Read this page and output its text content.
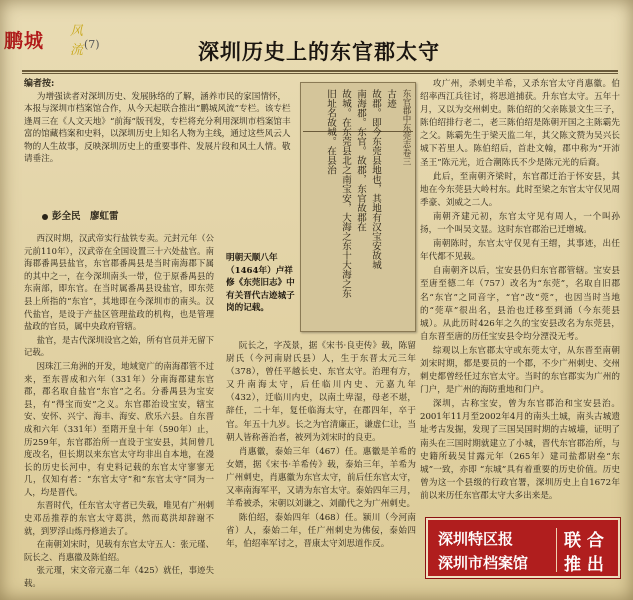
鹏城 风流 (7)	深圳历史上的东官郡太守
编者按:
为增强读者对深圳历史、发展脉络的了解，涵养市民的家国情怀，本报与深圳市档案馆合作，从今天起联合推出“鹏城风流”专栏。该专栏逢周三在《人文天地》“前海”版刊发，专栏将充分利用深圳市档案馆丰富的馆藏档案和史料，以深圳历史上知名人物为主线，通过这些风云人物的人生故事，反映深圳历史上的重要事件、发展片段和风土人情。敬请垂注。
彭全民　廖虹雷

西汉时期，汉武帝实行盐铁专卖。元封元年（公元前110年），汉武帝在全国设置三十六处盐官。南海郡番禺县盐官，东官郡番禺县是当时南海郡下属的其中之一，在今深圳南头一带，位于原番禺县的东南部，即东官。在当时属番禺县设盐官，即东莞县上所指的“东官”，其地即在今深圳市的南头。汉代盐官，是设于产盐区管理盐政的机构，也是管理盐政的官员，属中央政府管辖。

盐官，是古代深圳设官之始，所有官员并无留下记载。

因珠江三角洲的开发，地域宽广的南海郡管不过来，至东晋成和六年（331年）分南海郡建东官郡，郡名取自盐官“东官”之名。分番禺县为宝安县，有“得宝而安”之义。东官郡治设宝安，辖宝安、安怀、兴宁、海丰、海安、欣乐六县。自东晋成和六年（331年）至隋开皇十年（590年）止，历259年，东官郡治所一直设于宝安县，其间曾几度改名，但长期以来东官太守均非出自本地，在漫长的历史长河中，有史料记载的东官太守寥寥无几，仅知有者：“东官太守”和“东官太守”同为一人，均是晋代。

东晋时代，任东官太守者已失载，唯见有广州刺史邓岳推荐的东官太守葛洪，然而葛洪却辞谢不就，到罗浮山炼丹修道去了。

在南朝刘宋时，见载有东官太守五人：张元瑾、阮长之、肖惠徽及陈伯绍。

张元瑾，宋文帝元嘉二年（425）就任，事迹失载。

东官郡中东莞志卷三
古迹
故郡。即今东莞县地也，其地有汉宝安故城
南海郡。东官。故郡，东官故郡在
故城。在东莞县北之南宝安，大海之东十大海之东
旧址名故城。在县治
明朝天顺八年（1464年）卢祥修《东莞旧志》中有关晋代古迹城子岗的记载。

阮长之，字茂景，据《宋书·良吏传》载，陈留尉氏（今河南尉氏县）人，生于东晋太元三年（378），曾任平越长史、东官太守。治理有方，又升南海太守，后任临川内史、元嘉九年（432），迁临川内史，以南土卑湿，母老不堪，辞任，二十年，复任临海太守，在郡四年，卒于官。年五十九岁。长之为官清廉正，谦虚仁让，当朝人皆称善治者，被列为刘宋时的良吏。

肖惠徽，泰始三年（467）任。惠徽是羊希的女婿，据《宋书·羊希传》载，泰始三年，羊希为广州刺史，肖惠徽为东官太守，前后任东官太守，又率南海军平，又请为东官太守。泰始四年三月，羊希被杀，宋朝以刘谦之、刘勔代之为广州刺史。

陈伯绍，泰始四年（468）任。颍川（今河南省）人，泰始二年，任广州刺史为佛佞，泰始四年，伯绍率军讨之，晋康太守刘思道作反。

攻广州，杀刺史羊希，又杀东官太守肖惠徽。伯绍率西江兵往讨，将思道捕获。升东官太守。五年十月，又以为交州刺史。陈伯绍的父亲陈景文生三子，陈伯绍排行老二，老三陈伯绍是陈朝开国之主陈霸先之父。陈霸先生于梁天监二年，其父陈文赞为吴兴长城下若里人。陈伯绍后，首赴文翰，郡中称为“开沛圣王”陈元光，近合潮陈氏不少是陈元光的后裔。

此后，至南朝齐梁时，东官郡迁治于怀安县，其地在今东莞县大岭村东。此时至梁之东官太守仅见周季豪、刘威之二人。

南朝齐建元初，东官太守见有周人，一个叫孙扬，一个叫吴文显。这时东官郡治已迁增城。

南朝陈时，东官太守仅见有王缙，其事迹，出任年代都不见载。

自南朝齐以后，宝安县仍归东官郡管辖。宝安县至唐至德二年（757）改名为“东莞”，名取自旧郡名“东官”之同音字，“官”改“莞”，也因当时当地的“莞草”很出名，县治也迁移至到涌（今东莞县城）。从此历时426年之久的宝安县改名为东莞县，自东晋至唐的历任宝安县令均分湮没无考。

综观以上东官郡太守或东莞太守，从东晋至南朝刘宋时期，都是要员的一个郡，不少广州刺史、交州刺史都曾经任过东官太守。当时的东官郡实为广州的门户，是广州的海防重地和门户。

深圳，古称宝安，曾为东官郡治和宝安县治。2001年11月至2002年4月的南头土城，南头古城遗址考古发掘，发现了三国吴国时期的古城墙，证明了南头在三国时期就建立了小城，晋代东官郡治所，与史籍所载吴甘露元年（265年）建司盐都尉垒“东城”一致，亦即 “东城”具有着重要的历史价值。历史曾为这一个县级的行政官署，深圳历史上自1672年前以来历任东官郡太守大多出来是。

深圳特区报
深圳市档案馆
联 合
推 出
